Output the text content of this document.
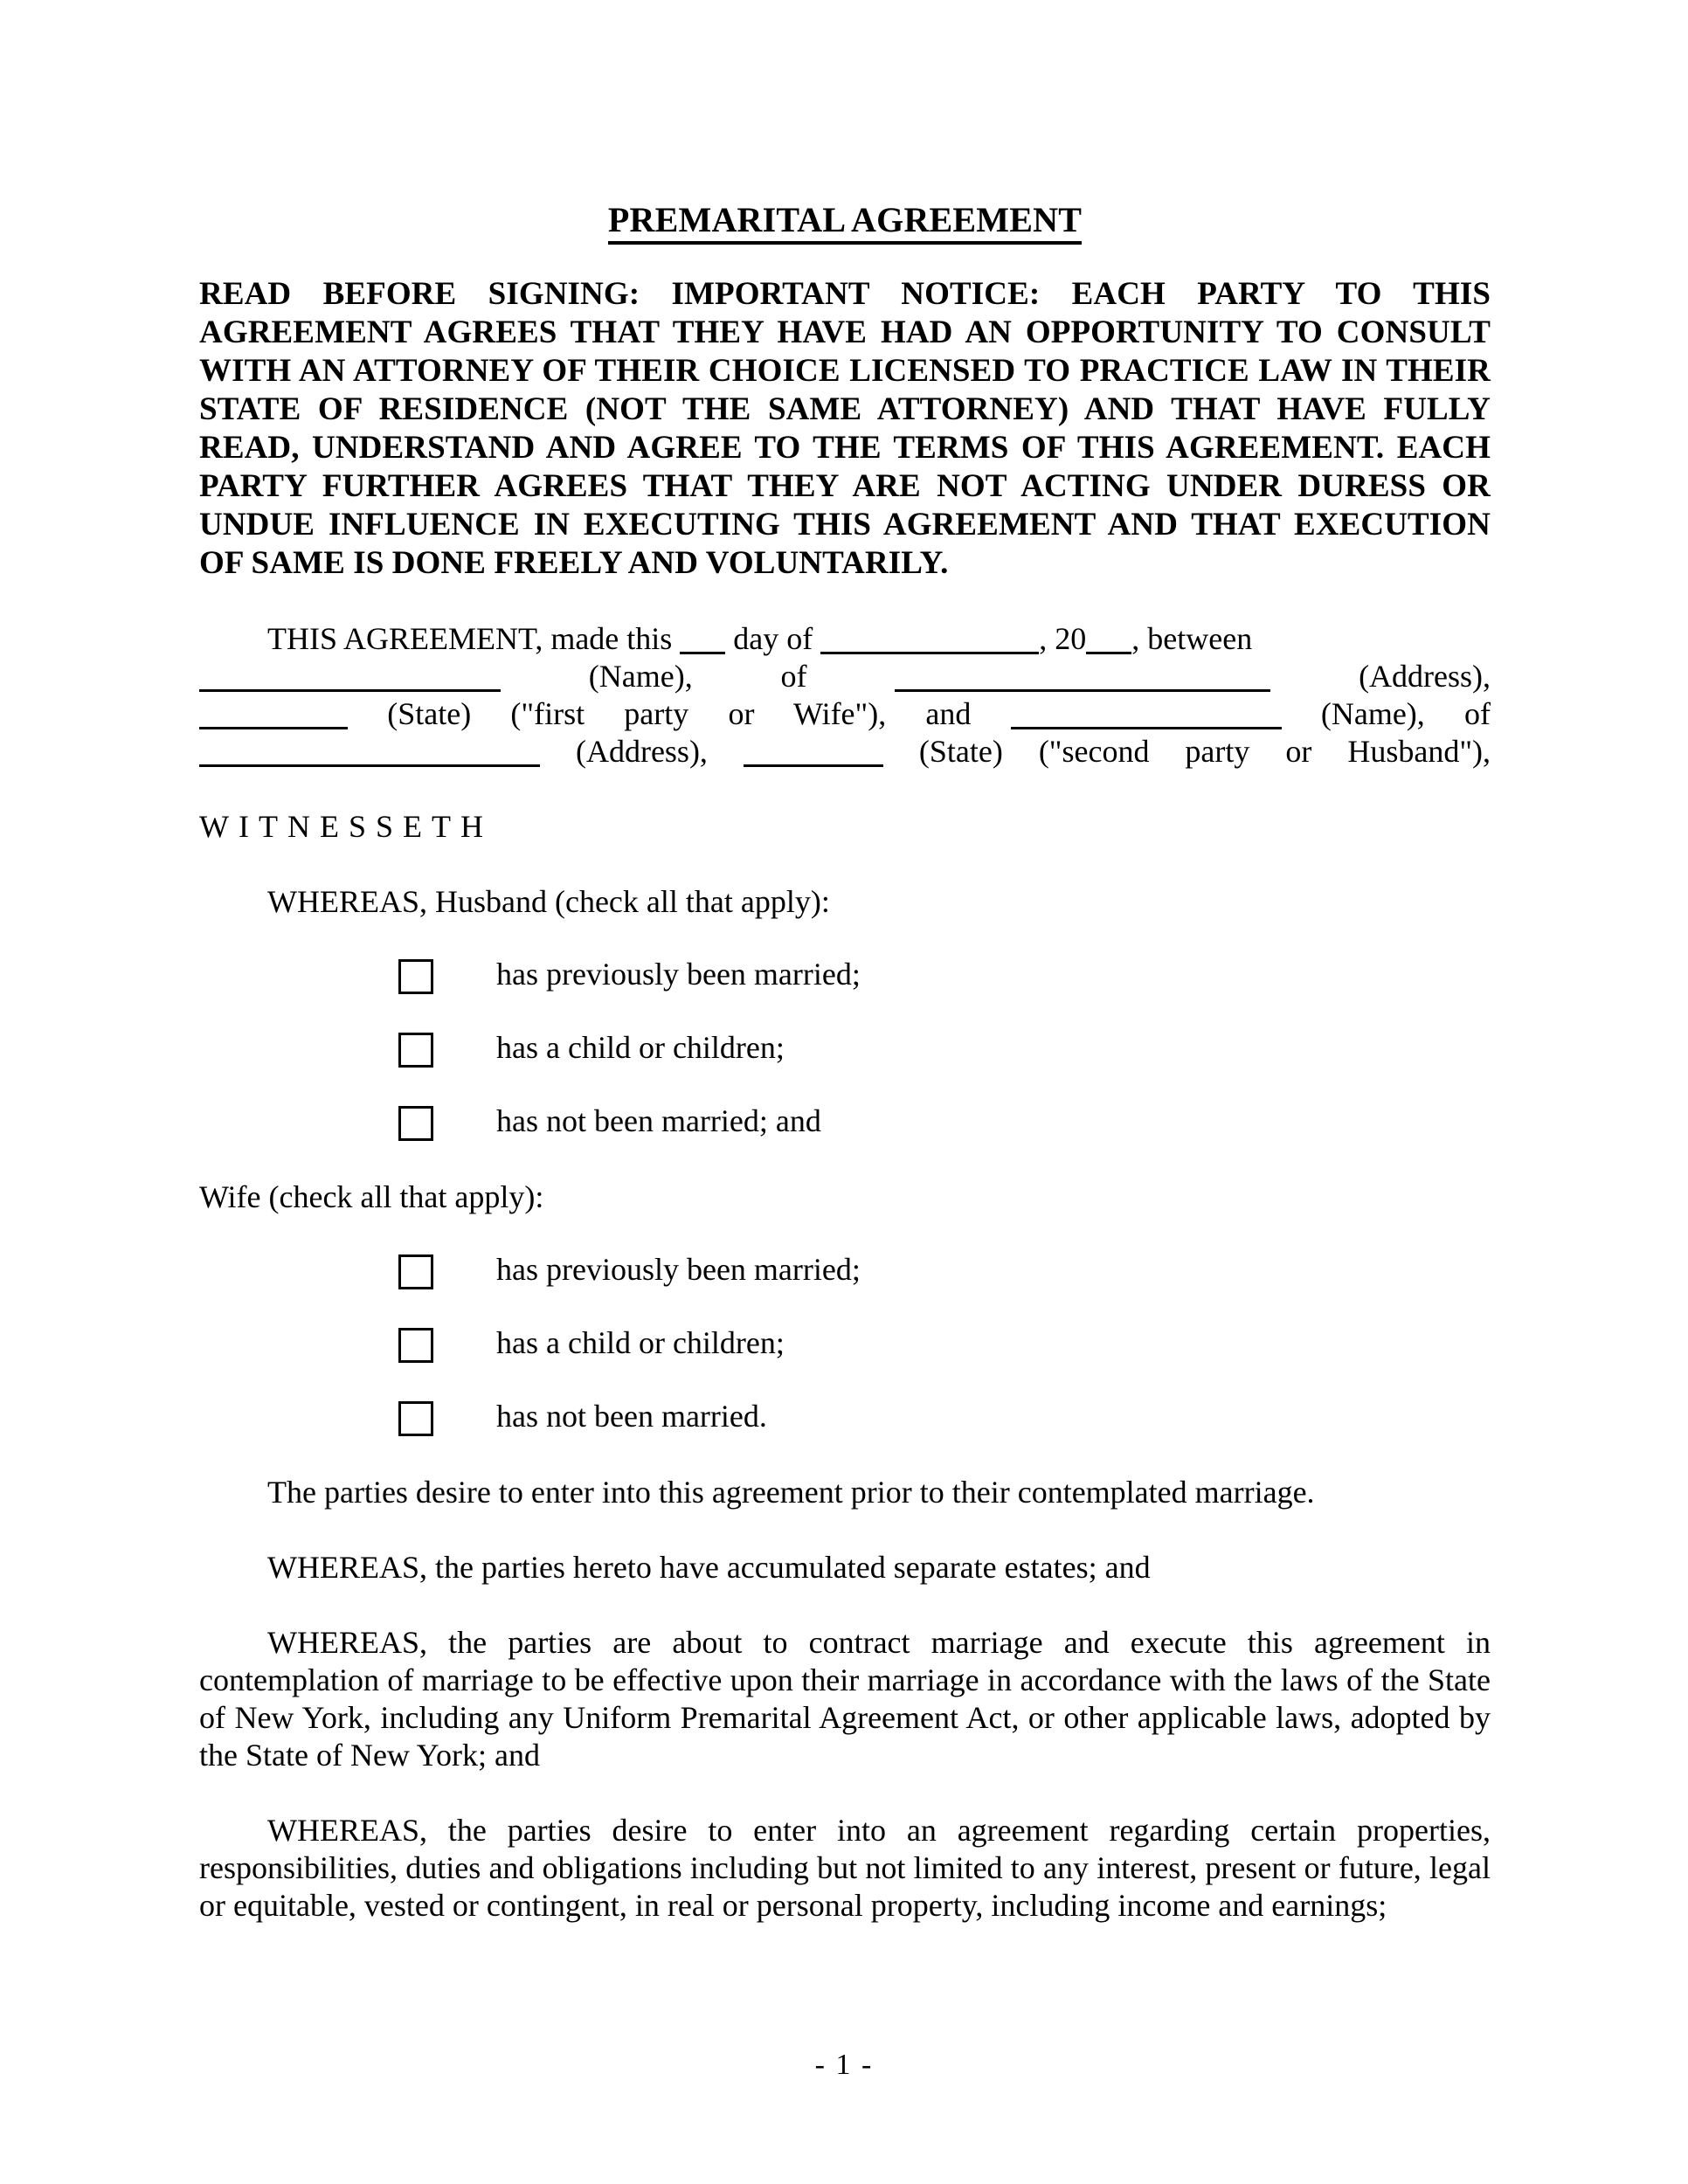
PREMARITAL AGREEMENT

READ BEFORE SIGNING: IMPORTANT NOTICE: EACH PARTY TO THIS AGREEMENT AGREES THAT THEY HAVE HAD AN OPPORTUNITY TO CONSULT WITH AN ATTORNEY OF THEIR CHOICE LICENSED TO PRACTICE LAW IN THEIR STATE OF RESIDENCE (NOT THE SAME ATTORNEY) AND THAT HAVE FULLY READ, UNDERSTAND AND AGREE TO THE TERMS OF THIS AGREEMENT. EACH PARTY FURTHER AGREES THAT THEY ARE NOT ACTING UNDER DURESS OR UNDUE INFLUENCE IN EXECUTING THIS AGREEMENT AND THAT EXECUTION OF SAME IS DONE FREELY AND VOLUNTARILY.

THIS AGREEMENT, made this day of	, 20 , between

(Name),	of	(Address),

(State) ("first party or Wife"), and	(Name), of

(Address),	(State) ("second party or Husband"),

WITNESSETH

WHEREAS, Husband (check all that apply):

has previously been married;
has a child or children;
has not been married; and

Wife (check all that apply):

has previously been married;
has a child or children;
has not been married.

The parties desire to enter into this agreement prior to their contemplated marriage.

WHEREAS, the parties hereto have accumulated separate estates; and

WHEREAS, the parties are about to contract marriage and execute this agreement in contemplation of marriage to be effective upon their marriage in accordance with the laws of the State of New York, including any Uniform Premarital Agreement Act, or other applicable laws, adopted by the State of New York; and

WHEREAS, the parties desire to enter into an agreement regarding certain properties, responsibilities, duties and obligations including but not limited to any interest, present or future, legal or equitable, vested or contingent, in real or personal property, including income and earnings;

- 1 -
